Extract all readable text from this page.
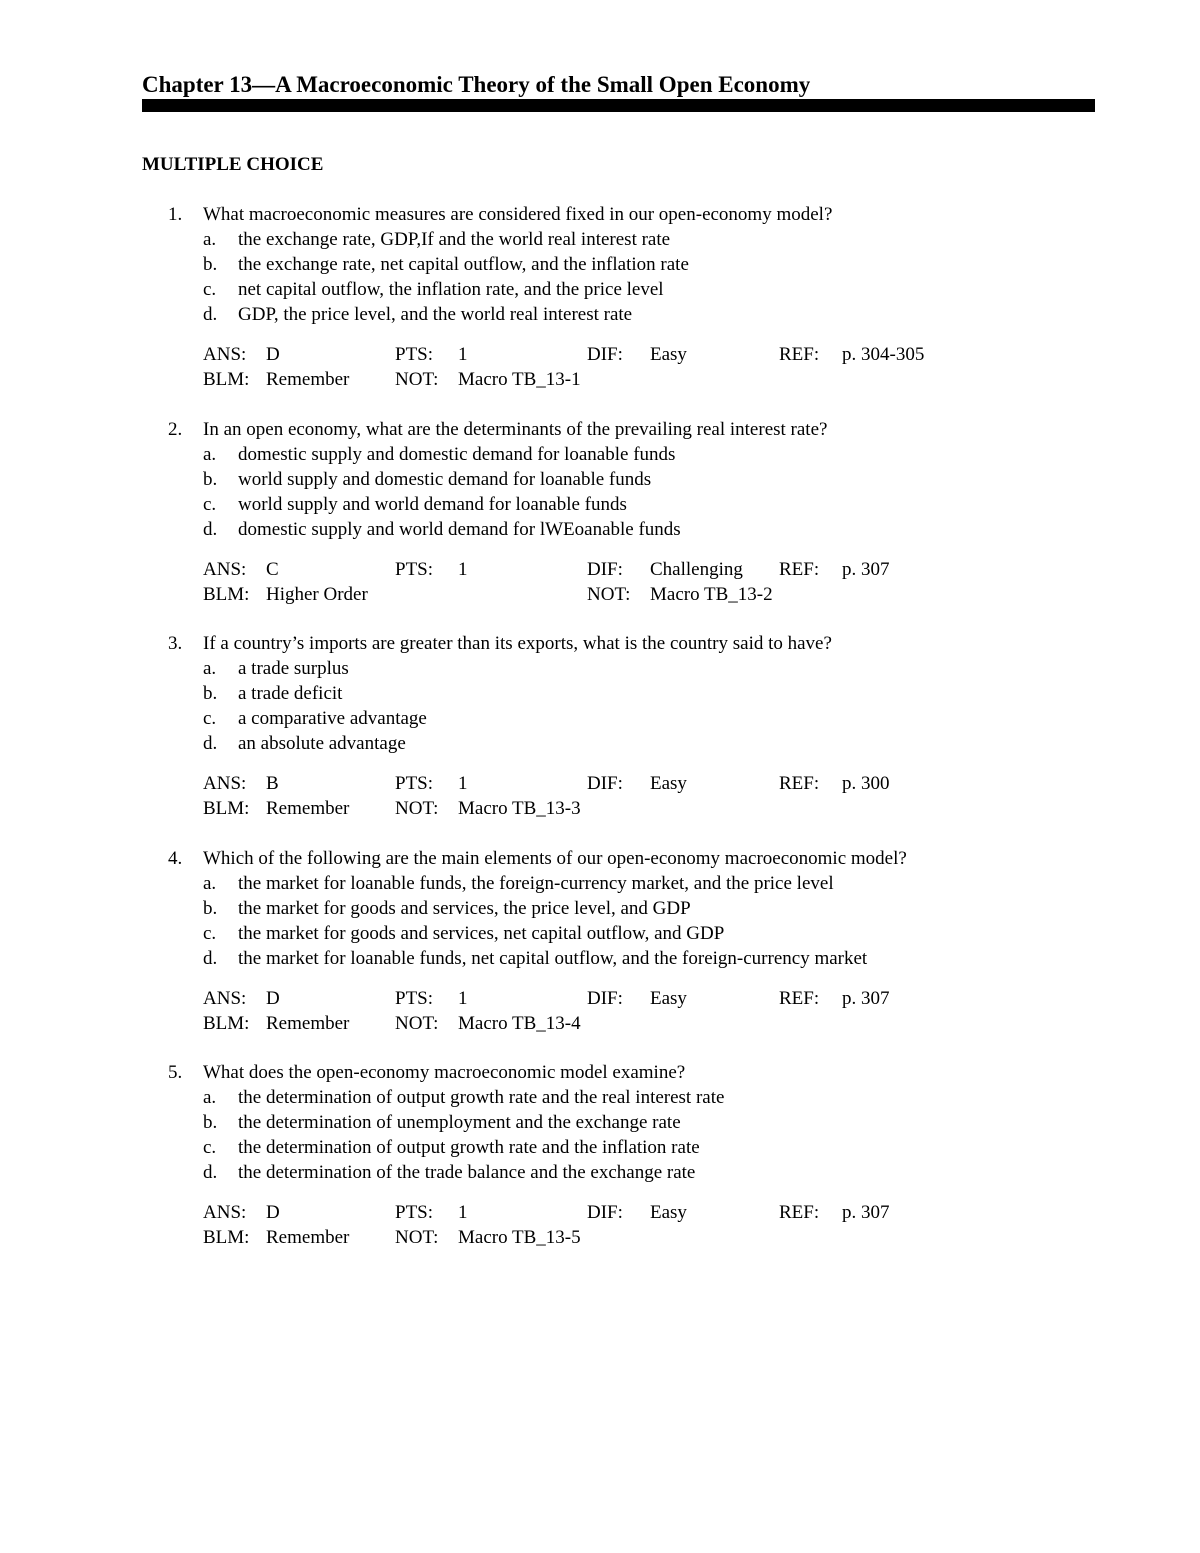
Chapter 13—A Macroeconomic Theory of the Small Open Economy
MULTIPLE CHOICE
1. What macroeconomic measures are considered fixed in our open-economy model?
a. the exchange rate, GDP,If and the world real interest rate
b. the exchange rate, net capital outflow, and the inflation rate
c. net capital outflow, the inflation rate, and the price level
d. GDP, the price level, and the world real interest rate
ANS: D	PTS: 1	DIF: Easy	REF: p. 304-305
BLM: Remember NOT: Macro TB_13-1
2. In an open economy, what are the determinants of the prevailing real interest rate?
a. domestic supply and domestic demand for loanable funds
b. world supply and domestic demand for loanable funds
c. world supply and world demand for loanable funds
d. domestic supply and world demand for lWEoanable funds
ANS: C	PTS: 1	DIF: Challenging REF: p. 307
BLM: Higher Order	NOT: Macro TB_13-2
3. If a country’s imports are greater than its exports, what is the country said to have?
a. a trade surplus
b. a trade deficit
c. a comparative advantage
d. an absolute advantage
ANS: B	PTS: 1	DIF: Easy	REF: p. 300
BLM: Remember NOT: Macro TB_13-3
4. Which of the following are the main elements of our open-economy macroeconomic model?
a. the market for loanable funds, the foreign-currency market, and the price level
b. the market for goods and services, the price level, and GDP
c. the market for goods and services, net capital outflow, and GDP
d. the market for loanable funds, net capital outflow, and the foreign-currency market
ANS: D	PTS: 1	DIF: Easy	REF: p. 307
BLM: Remember NOT: Macro TB_13-4
5. What does the open-economy macroeconomic model examine?
a. the determination of output growth rate and the real interest rate
b. the determination of unemployment and the exchange rate
c. the determination of output growth rate and the inflation rate
d. the determination of the trade balance and the exchange rate
ANS: D	PTS: 1	DIF: Easy	REF: p. 307
BLM: Remember NOT: Macro TB_13-5
